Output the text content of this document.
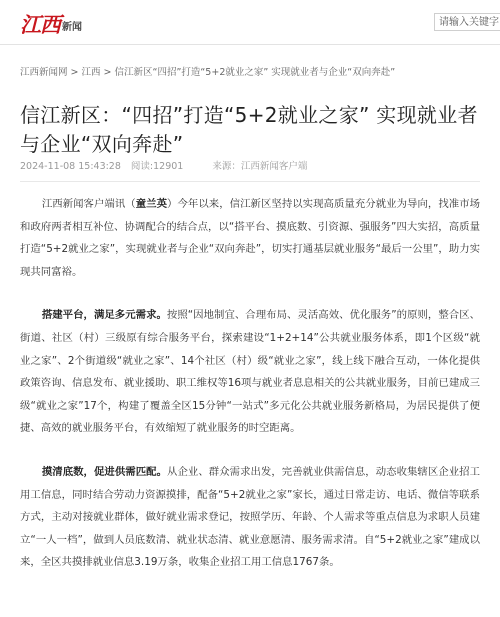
江西 新闻	请输入关键字
江西新闻网 > 江西 > 信江新区“四招”打造“5+2就业之家” 实现就业者与企业“双向奔赴”
信江新区：“四招”打造“5+2就业之家” 实现就业者与企业“双向奔赴”
2024-11-08 15:43:28 阅读:12901	来源：江西新闻客户端

江西新闻客户端讯（童兰英）今年以来，信江新区坚持以实现高质量充分就业为导向，找准市场和政府两者相互补位、协调配合的结合点，以“搭平台、摸底数、引资源、强服务”四大实招，高质量打造“5+2就业之家”，实现就业者与企业“双向奔赴”，切实打通基层就业服务“最后一公里”，助力实现共同富裕。

搭建平台，满足多元需求。按照“因地制宜、合理布局、灵活高效、优化服务”的原则，整合区、街道、社区（村）三级原有综合服务平台，探索建设“1+2+14”公共就业服务体系，即1个区级“就业之家”、2个街道级“就业之家”、14个社区（村）级“就业之家”，线上线下融合互动，一体化提供政策咨询、信息发布、就业援助、职工维权等16项与就业者息息相关的公共就业服务，目前已建成三级“就业之家”17个，构建了覆盖全区15分钟“一站式”多元化公共就业服务新格局，为居民提供了便捷、高效的就业服务平台，有效缩短了就业服务的时空距离。

摸清底数，促进供需匹配。从企业、群众需求出发，完善就业供需信息，动态收集辖区企业招工用工信息，同时结合劳动力资源摸排，配备“5+2就业之家”家长，通过日常走访、电话、微信等联系方式，主动对接就业群体，做好就业需求登记，按照学历、年龄、个人需求等重点信息为求职人员建立“一人一档”，做到人员底数清、就业状态清、就业意愿清、服务需求清。自“5+2就业之家”建成以来，全区共摸排就业信息3.19万条，收集企业招工用工信息1767条。
